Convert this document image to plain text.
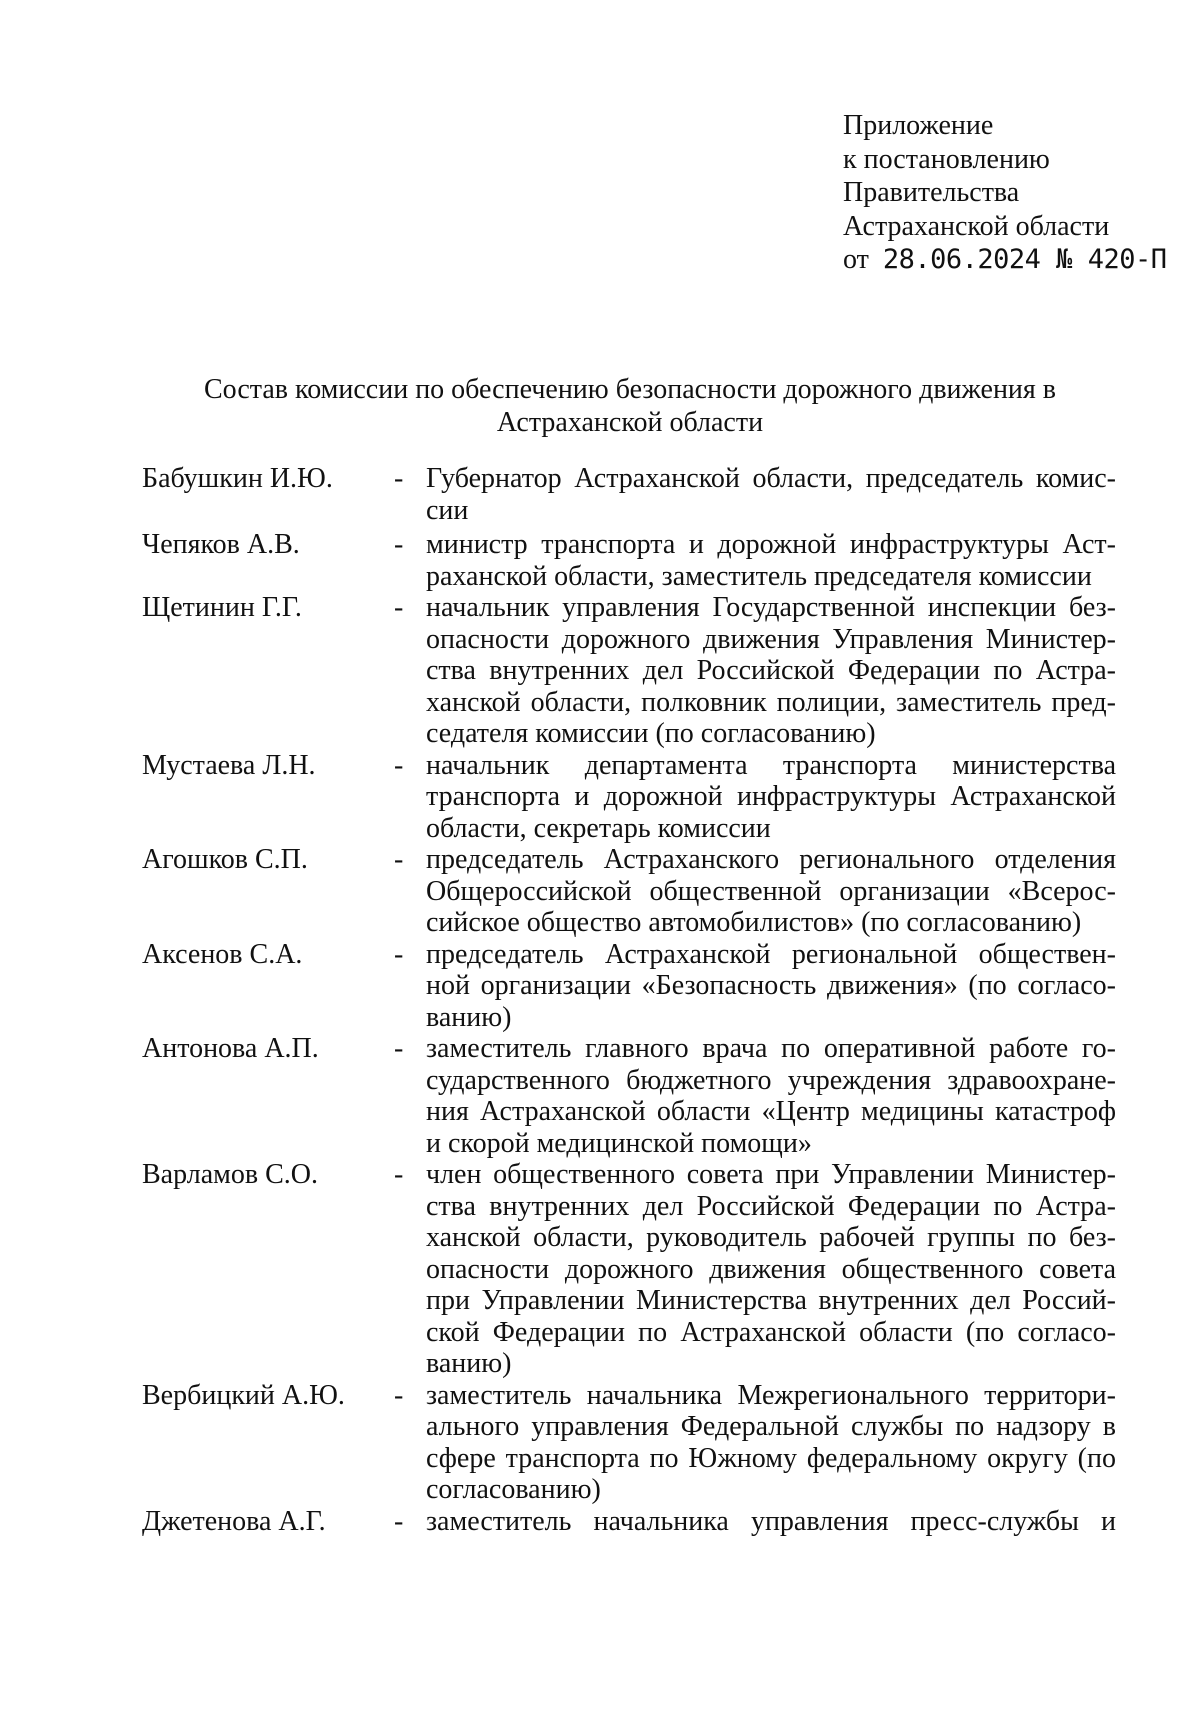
Приложение
к постановлению
Правительства
Астраханской области
от 28.06.2024 № 420-П
Состав комиссии по обеспечению безопасности дорожного движения в
Астраханской области
Бабушкин И.Ю.	- Губернатор Астраханской области, председатель комис-
сии
Чепяков А.В.	- министр транспорта и дорожной инфраструктуры Аст-
раханской области, заместитель председателя комиссии
Щетинин Г.Г.	- начальник управления Государственной инспекции без-
опасности дорожного движения Управления Министер-
ства внутренних дел Российской Федерации по Астра-
ханской области, полковник полиции, заместитель пред-
седателя комиссии (по согласованию)
Мустаева Л.Н.	- начальник департамента транспорта министерства
транспорта и дорожной инфраструктуры Астраханской
области, секретарь комиссии
Агошков С.П.	- председатель Астраханского регионального отделения
Общероссийской общественной организации «Всерос-
сийское общество автомобилистов» (по согласованию)
Аксенов С.А.	- председатель Астраханской региональной обществен-
ной организации «Безопасность движения» (по согласо-
ванию)
Антонова А.П.	- заместитель главного врача по оперативной работе го-
сударственного бюджетного учреждения здравоохране-
ния Астраханской области «Центр медицины катастроф
и скорой медицинской помощи»
Варламов С.О.	- член общественного совета при Управлении Министер-
ства внутренних дел Российской Федерации по Астра-
ханской области, руководитель рабочей группы по без-
опасности дорожного движения общественного совета
при Управлении Министерства внутренних дел Россий-
ской Федерации по Астраханской области (по согласо-
ванию)
Вербицкий А.Ю.	- заместитель начальника Межрегионального территори-
ального управления Федеральной службы по надзору в
сфере транспорта по Южному федеральному округу (по
согласованию)
Джетенова А.Г.	- заместитель начальника управления пресс-службы и
